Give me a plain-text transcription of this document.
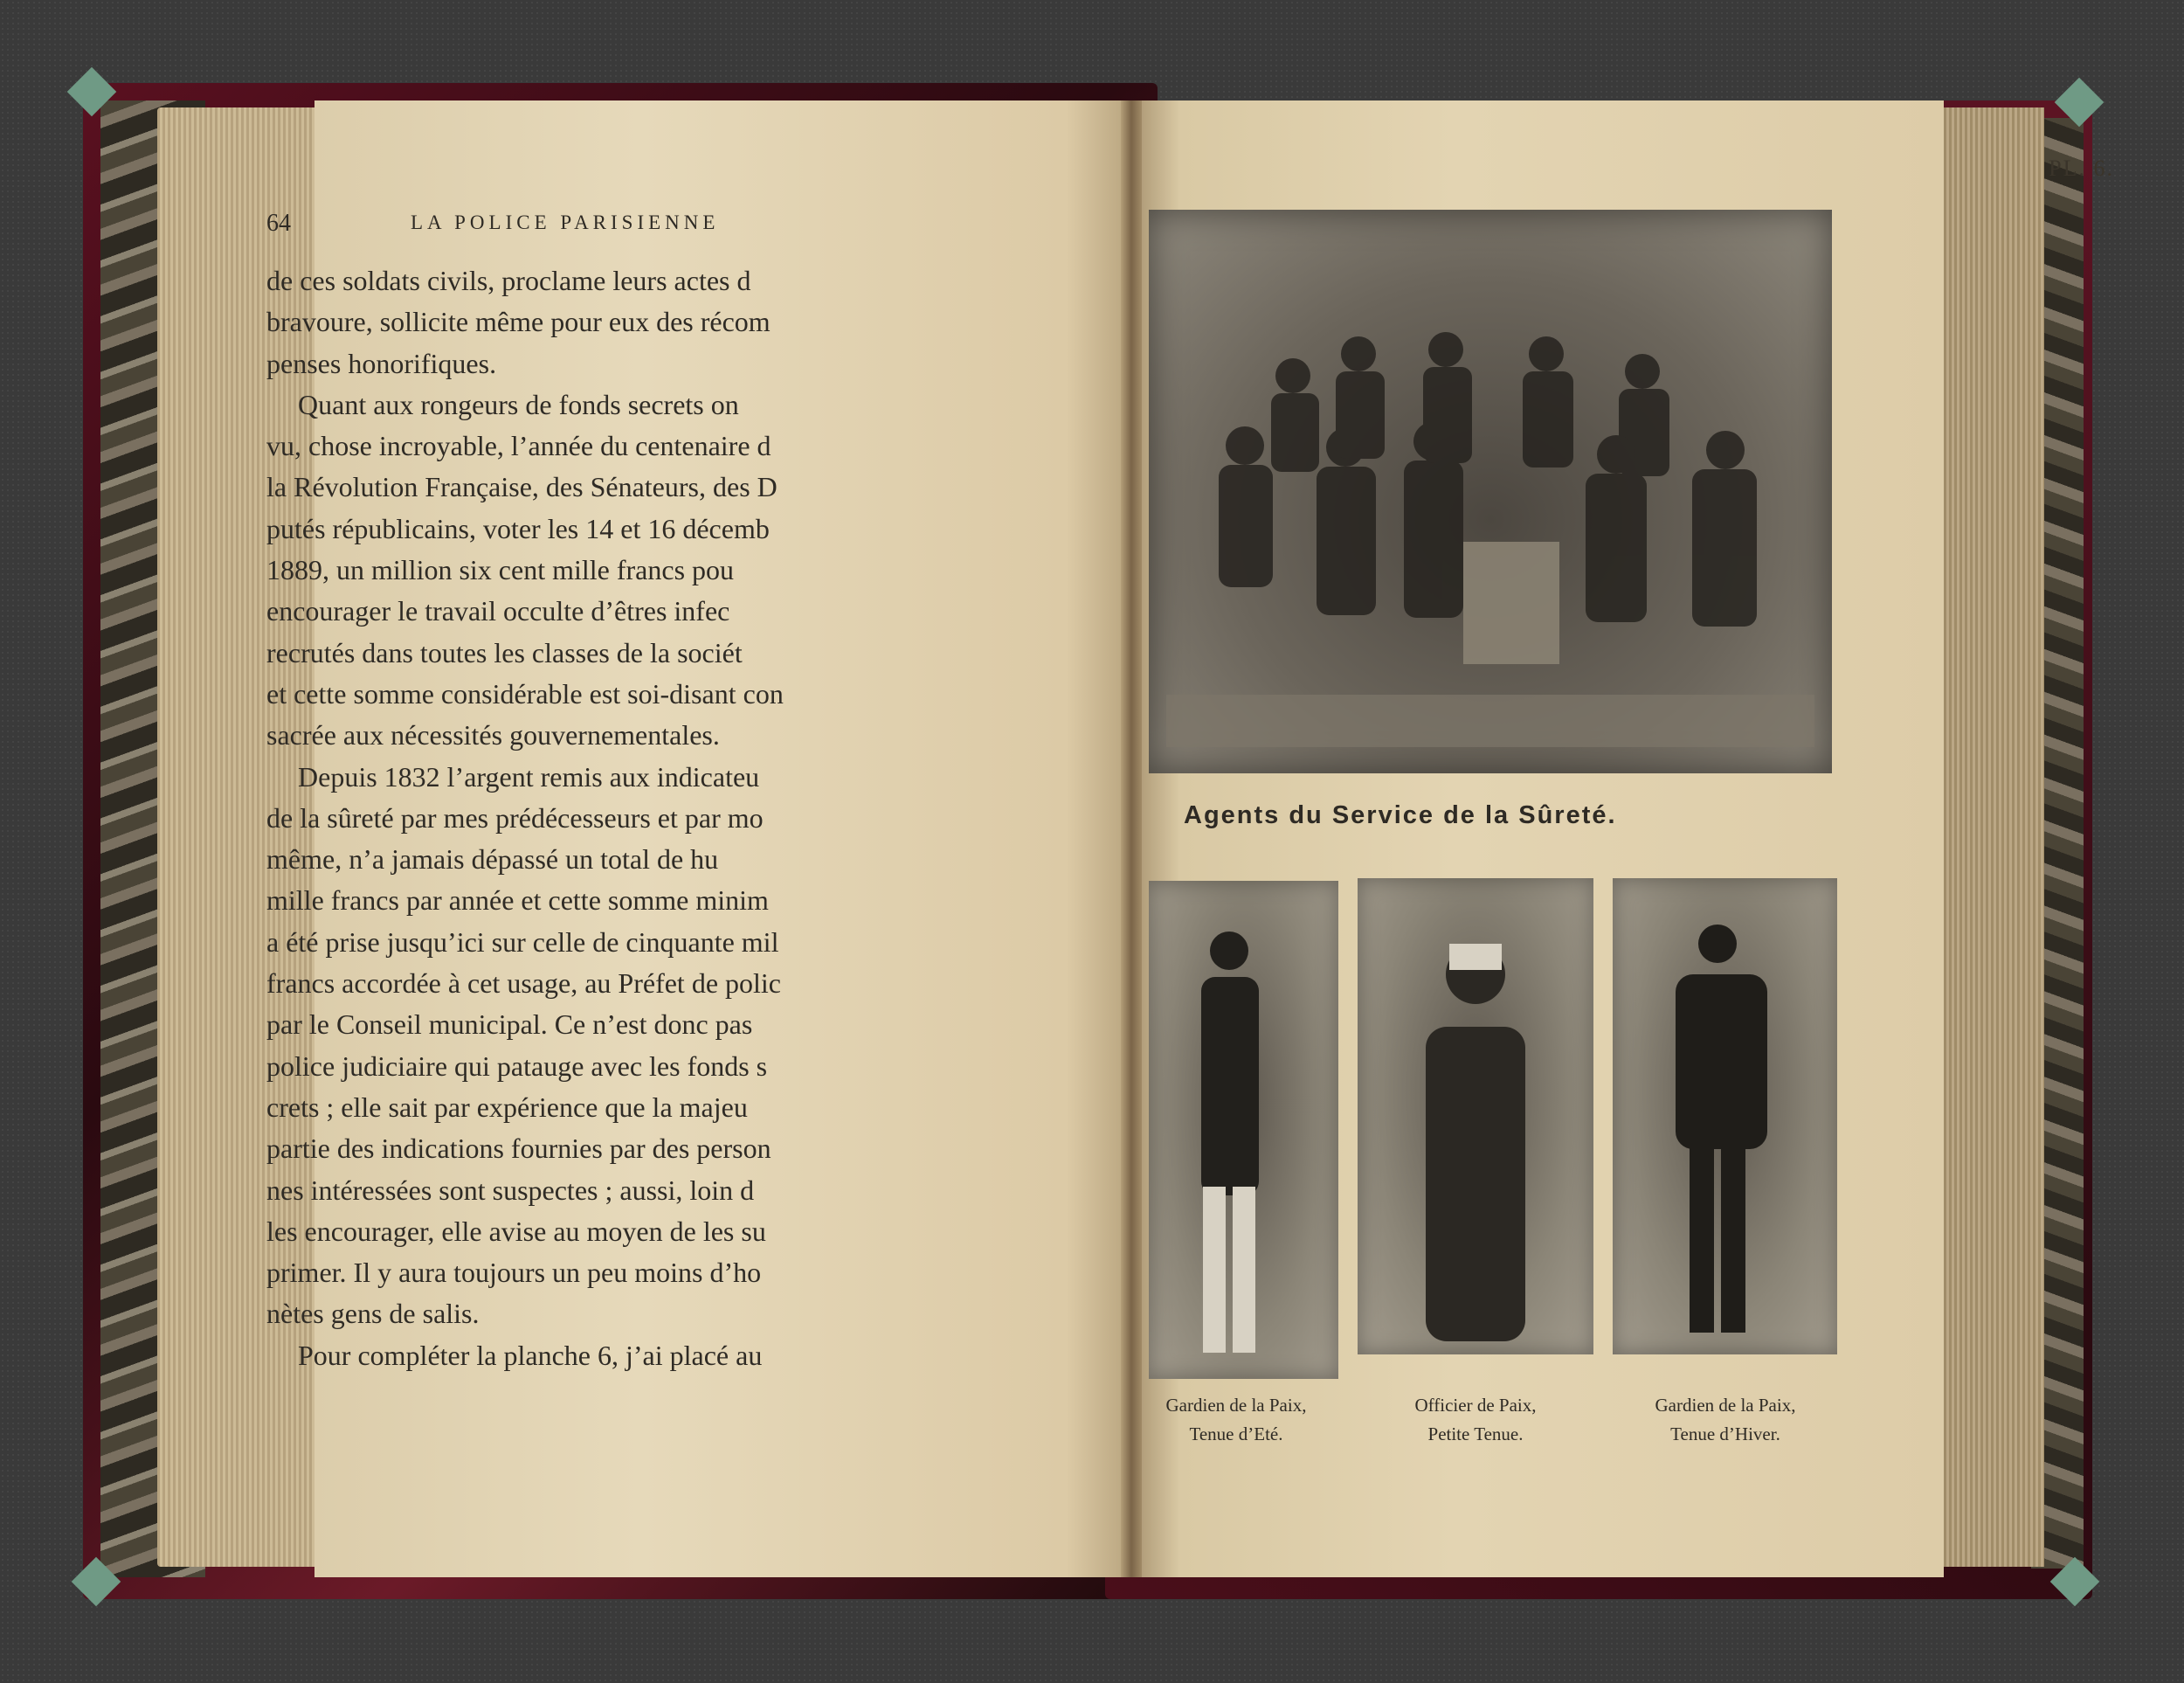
64	LA POLICE PARISIENNE
de ces soldats civils, proclame leurs actes d
bravoure, sollicite même pour eux des récom
penses honorifiques.
Quant aux rongeurs de fonds secrets on
vu, chose incroyable, l’année du centenaire d
la Révolution Française, des Sénateurs, des D
putés républicains, voter les 14 et 16 décemb
1889, un million six cent mille francs pou
encourager le travail occulte d’êtres infec
recrutés dans toutes les classes de la sociét
et cette somme considérable est soi-disant con
sacrée aux nécessités gouvernementales.
Depuis 1832 l’argent remis aux indicateu
de la sûreté par mes prédécesseurs et par mo
même, n’a jamais dépassé un total de hu
mille francs par année et cette somme minim
a été prise jusqu’ici sur celle de cinquante mil
francs accordée à cet usage, au Préfet de polic
par le Conseil municipal. Ce n’est donc pas
police judiciaire qui patauge avec les fonds s
crets ; elle sait par expérience que la majeu
partie des indications fournies par des person
nes intéressées sont suspectes ; aussi, loin d
les encourager, elle avise au moyen de les su
primer. Il y aura toujours un peu moins d’ho
nètes gens de salis.
Pour compléter la planche 6, j’ai placé au
PL. 6.
Agents du Service de la Sûreté.
Gardien de la Paix,
Tenue d’Eté.
Officier de Paix,
Petite Tenue.
Gardien de la Paix,
Tenue d’Hiver.
